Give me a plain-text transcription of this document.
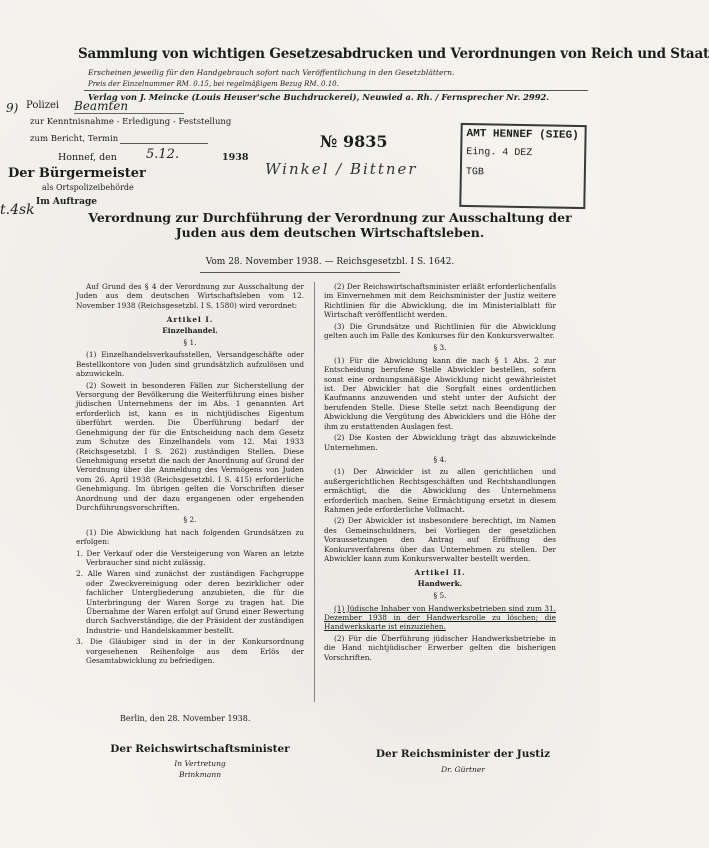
Sammlung von wichtigen Gesetzesabdrucken und Verordnungen von Reich und Staat
Erscheinen jeweilig für den Handgebrauch sofort nach Veröffentlichung in den Gesetzblättern.
Preis der Einzelnummer RM. 0.15, bei regelmäßigem Bezug RM. 0.10.
Verlag von J. Meincke (Louis Heuser'sche Buchdruckerei), Neuwied a. Rh. / Fernsprecher Nr. 2992.
9) Polizei Beamten
zur Kenntnisnahme - Erledigung - Feststellung
zum Bericht, Termin
Honnef, den 5.12.	1938
Der Bürgermeister
als Ortspolizeibehörde
Im Auftrage
t.4sk
№ 9835
Winkel / Bittner
AMT HENNEF (SIEG)
Eing. 4 DEZ
TGB
Verordnung zur Durchführung der Verordnung zur Ausschaltung der Juden aus dem deutschen Wirtschaftsleben.
Vom 28. November 1938. — Reichsgesetzbl. I S. 1642.

Auf Grund des § 4 der Verordnung zur Ausschaltung der Juden aus dem deutschen Wirtschaftsleben vom 12. November 1938 (Reichsgesetzbl. I S. 1580) wird verordnet:

Artikel I.

Einzelhandel.

§ 1.

(1) Einzelhandelsverkaufsstellen, Versandgeschäfte oder Bestellkontore von Juden sind grundsätzlich aufzulösen und abzuwickeln.

(2) Soweit in besonderen Fällen zur Sicherstellung der Versorgung der Bevölkerung die Weiterführung eines bisher jüdischen Unternehmens der im Abs. 1 genannten Art erforderlich ist, kann es in nichtjüdisches Eigentum überführt werden. Die Überführung bedarf der Genehmigung der für die Entscheidung nach dem Gesetz zum Schutze des Einzelhandels vom 12. Mai 1933 (Reichsgesetzbl. I S. 262) zuständigen Stellen. Diese Genehmigung ersetzt die nach der Anordnung auf Grund der Verordnung über die Anmeldung des Vermögens von Juden vom 26. April 1938 (Reichsgesetzbl. I S. 415) erforderliche Genehmigung. Im übrigen gelten die Vorschriften dieser Anordnung und der dazu ergangenen oder ergehenden Durchführungsvorschriften.

§ 2.

(1) Die Abwicklung hat nach folgenden Grundsätzen zu erfolgen:

1. Der Verkauf oder die Versteigerung von Waren an letzte Verbraucher sind nicht zulässig.

2. Alle Waren sind zunächst der zuständigen Fachgruppe oder Zweckvereinigung oder deren bezirklicher oder fachlicher Untergliederung anzubieten, die für die Unterbringung der Waren Sorge zu tragen hat. Die Übernahme der Waren erfolgt auf Grund einer Bewertung durch Sachverständige, die der Präsident der zuständigen Industrie- und Handelskammer bestellt.

3. Die Gläubiger sind in der in der Konkursordnung vorgesehenen Reihenfolge aus dem Erlös der Gesamtabwicklung zu befriedigen.

(2) Der Reichswirtschaftsminister erläßt erforderlichenfalls im Einvernehmen mit dem Reichsminister der Justiz weitere Richtlinien für die Abwicklung, die im Ministerialblatt für Wirtschaft veröffentlicht werden.

(3) Die Grundsätze und Richtlinien für die Abwicklung gelten auch im Falle des Konkurses für den Konkursverwalter.

§ 3.

(1) Für die Abwicklung kann die nach § 1 Abs. 2 zur Entscheidung berufene Stelle Abwickler bestellen, sofern sonst eine ordnungsmäßige Abwicklung nicht gewährleistet ist. Der Abwickler hat die Sorgfalt eines ordentlichen Kaufmanns anzuwenden und steht unter der Aufsicht der berufenden Stelle. Diese Stelle setzt nach Beendigung der Abwicklung die Vergütung des Abwicklers und die Höhe der ihm zu erstattenden Auslagen fest.

(2) Die Kosten der Abwicklung trägt das abzuwickelnde Unternehmen.

§ 4.

(1) Der Abwickler ist zu allen gerichtlichen und außergerichtlichen Rechtsgeschäften und Rechtshandlungen ermächtigt, die die Abwicklung des Unternehmens erforderlich machen. Seine Ermächtigung ersetzt in diesem Rahmen jede erforderliche Vollmacht.

(2) Der Abwickler ist insbesondere berechtigt, im Namen des Gemeinschuldners, bei Vorliegen der gesetzlichen Voraussetzungen den Antrag auf Eröffnung des Konkursverfahrens über das Unternehmen zu stellen. Der Abwickler kann zum Konkursverwalter bestellt werden.

Artikel II.

Handwerk.

§ 5.

(1) Jüdische Inhaber von Handwerksbetrieben sind zum 31. Dezember 1938 in der Handwerksrolle zu löschen; die Handwerkskarte ist einzuziehen.

(2) Für die Überführung jüdischer Handwerksbetriebe in die Hand nichtjüdischer Erwerber gelten die bisherigen Vorschriften.

Berlin, den 28. November 1938.
Der Reichswirtschaftsminister
In Vertretung
Brinkmann
Der Reichsminister der Justiz
Dr. Gürtner
